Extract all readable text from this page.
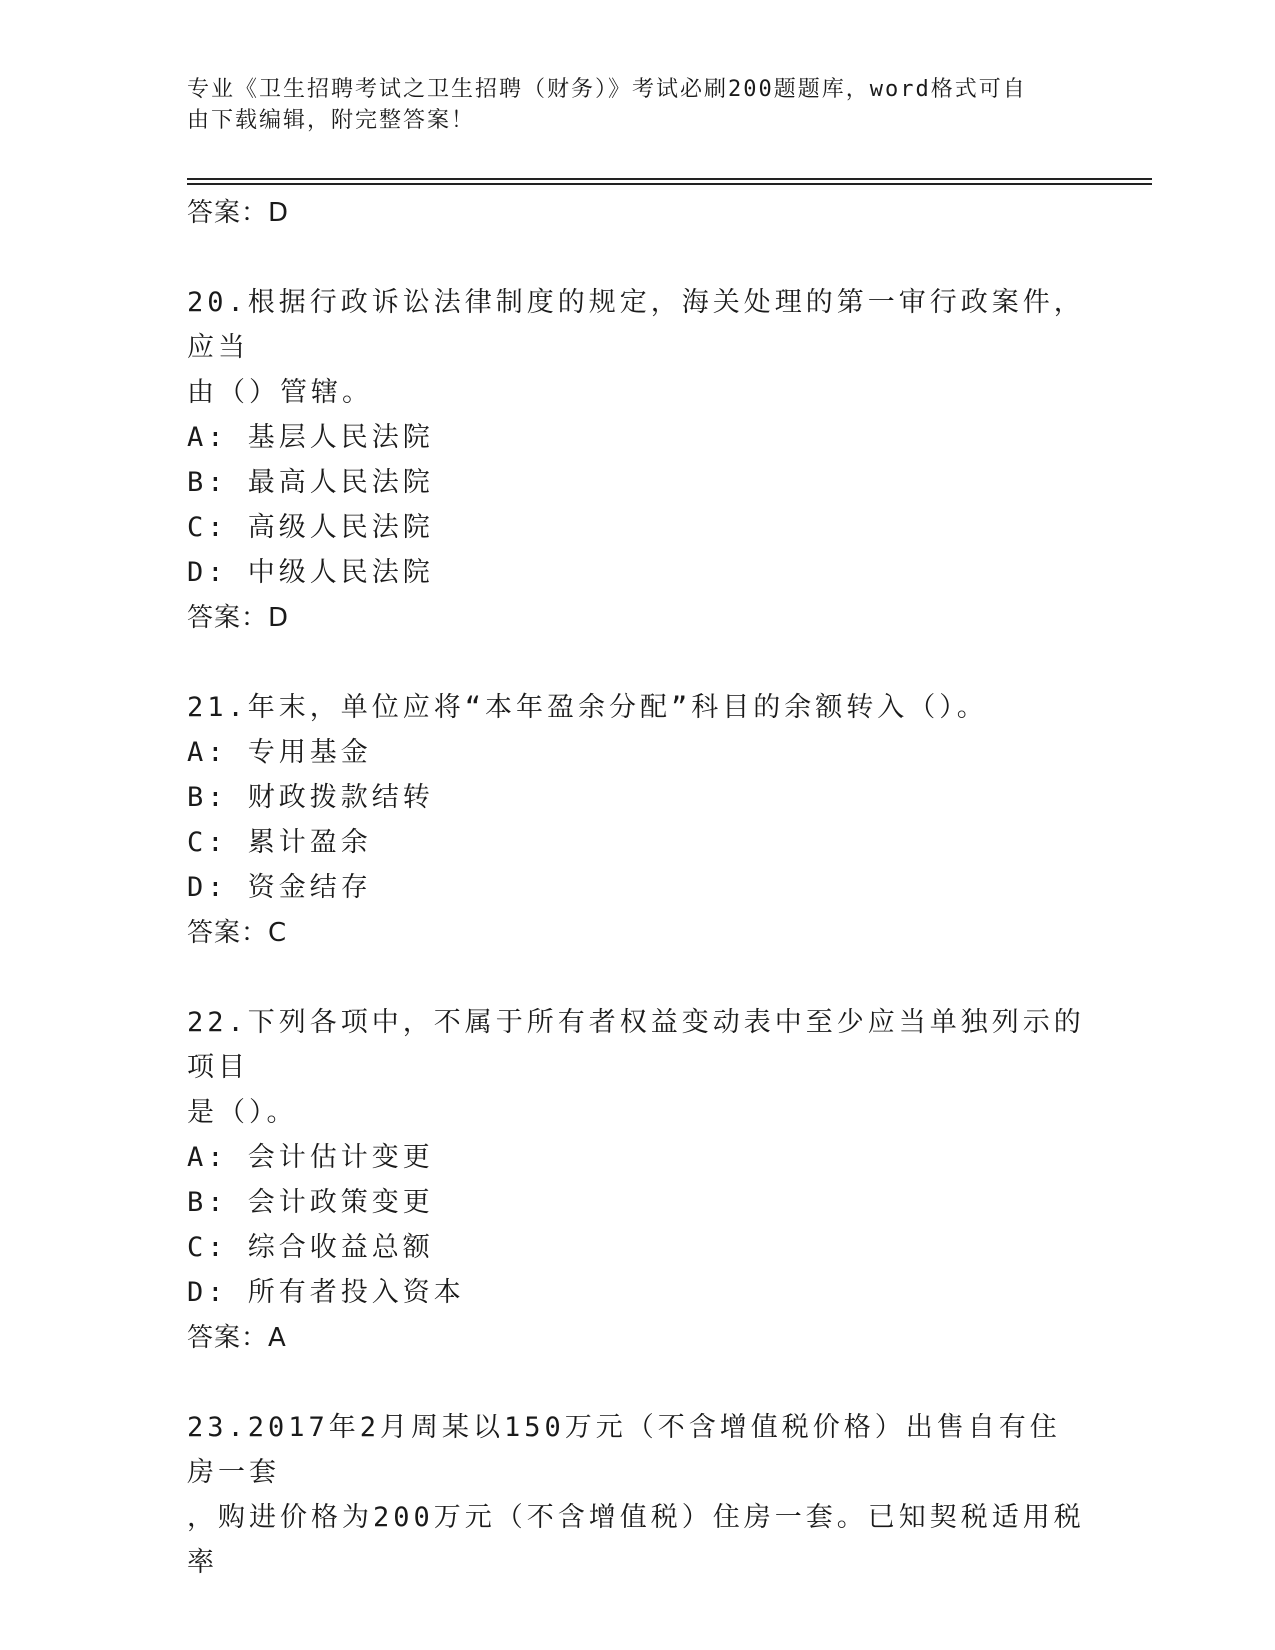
专业《卫生招聘考试之卫生招聘（财务）》考试必刷200题题库，word格式可自
由下载编辑，附完整答案！
答案：D
20.根据行政诉讼法律制度的规定，海关处理的第一审行政案件，应当
由（）管辖。
A: 基层人民法院
B: 最高人民法院
C: 高级人民法院
D: 中级人民法院
答案：D
21.年末，单位应将“本年盈余分配”科目的余额转入（）。
A: 专用基金
B: 财政拨款结转
C: 累计盈余
D: 资金结存
答案：C
22.下列各项中，不属于所有者权益变动表中至少应当单独列示的项目
是（）。
A: 会计估计变更
B: 会计政策变更
C: 综合收益总额
D: 所有者投入资本
答案：A
23.2017年2月周某以150万元（不含增值税价格）出售自有住房一套
，购进价格为200万元（不含增值税）住房一套。已知契税适用税率
